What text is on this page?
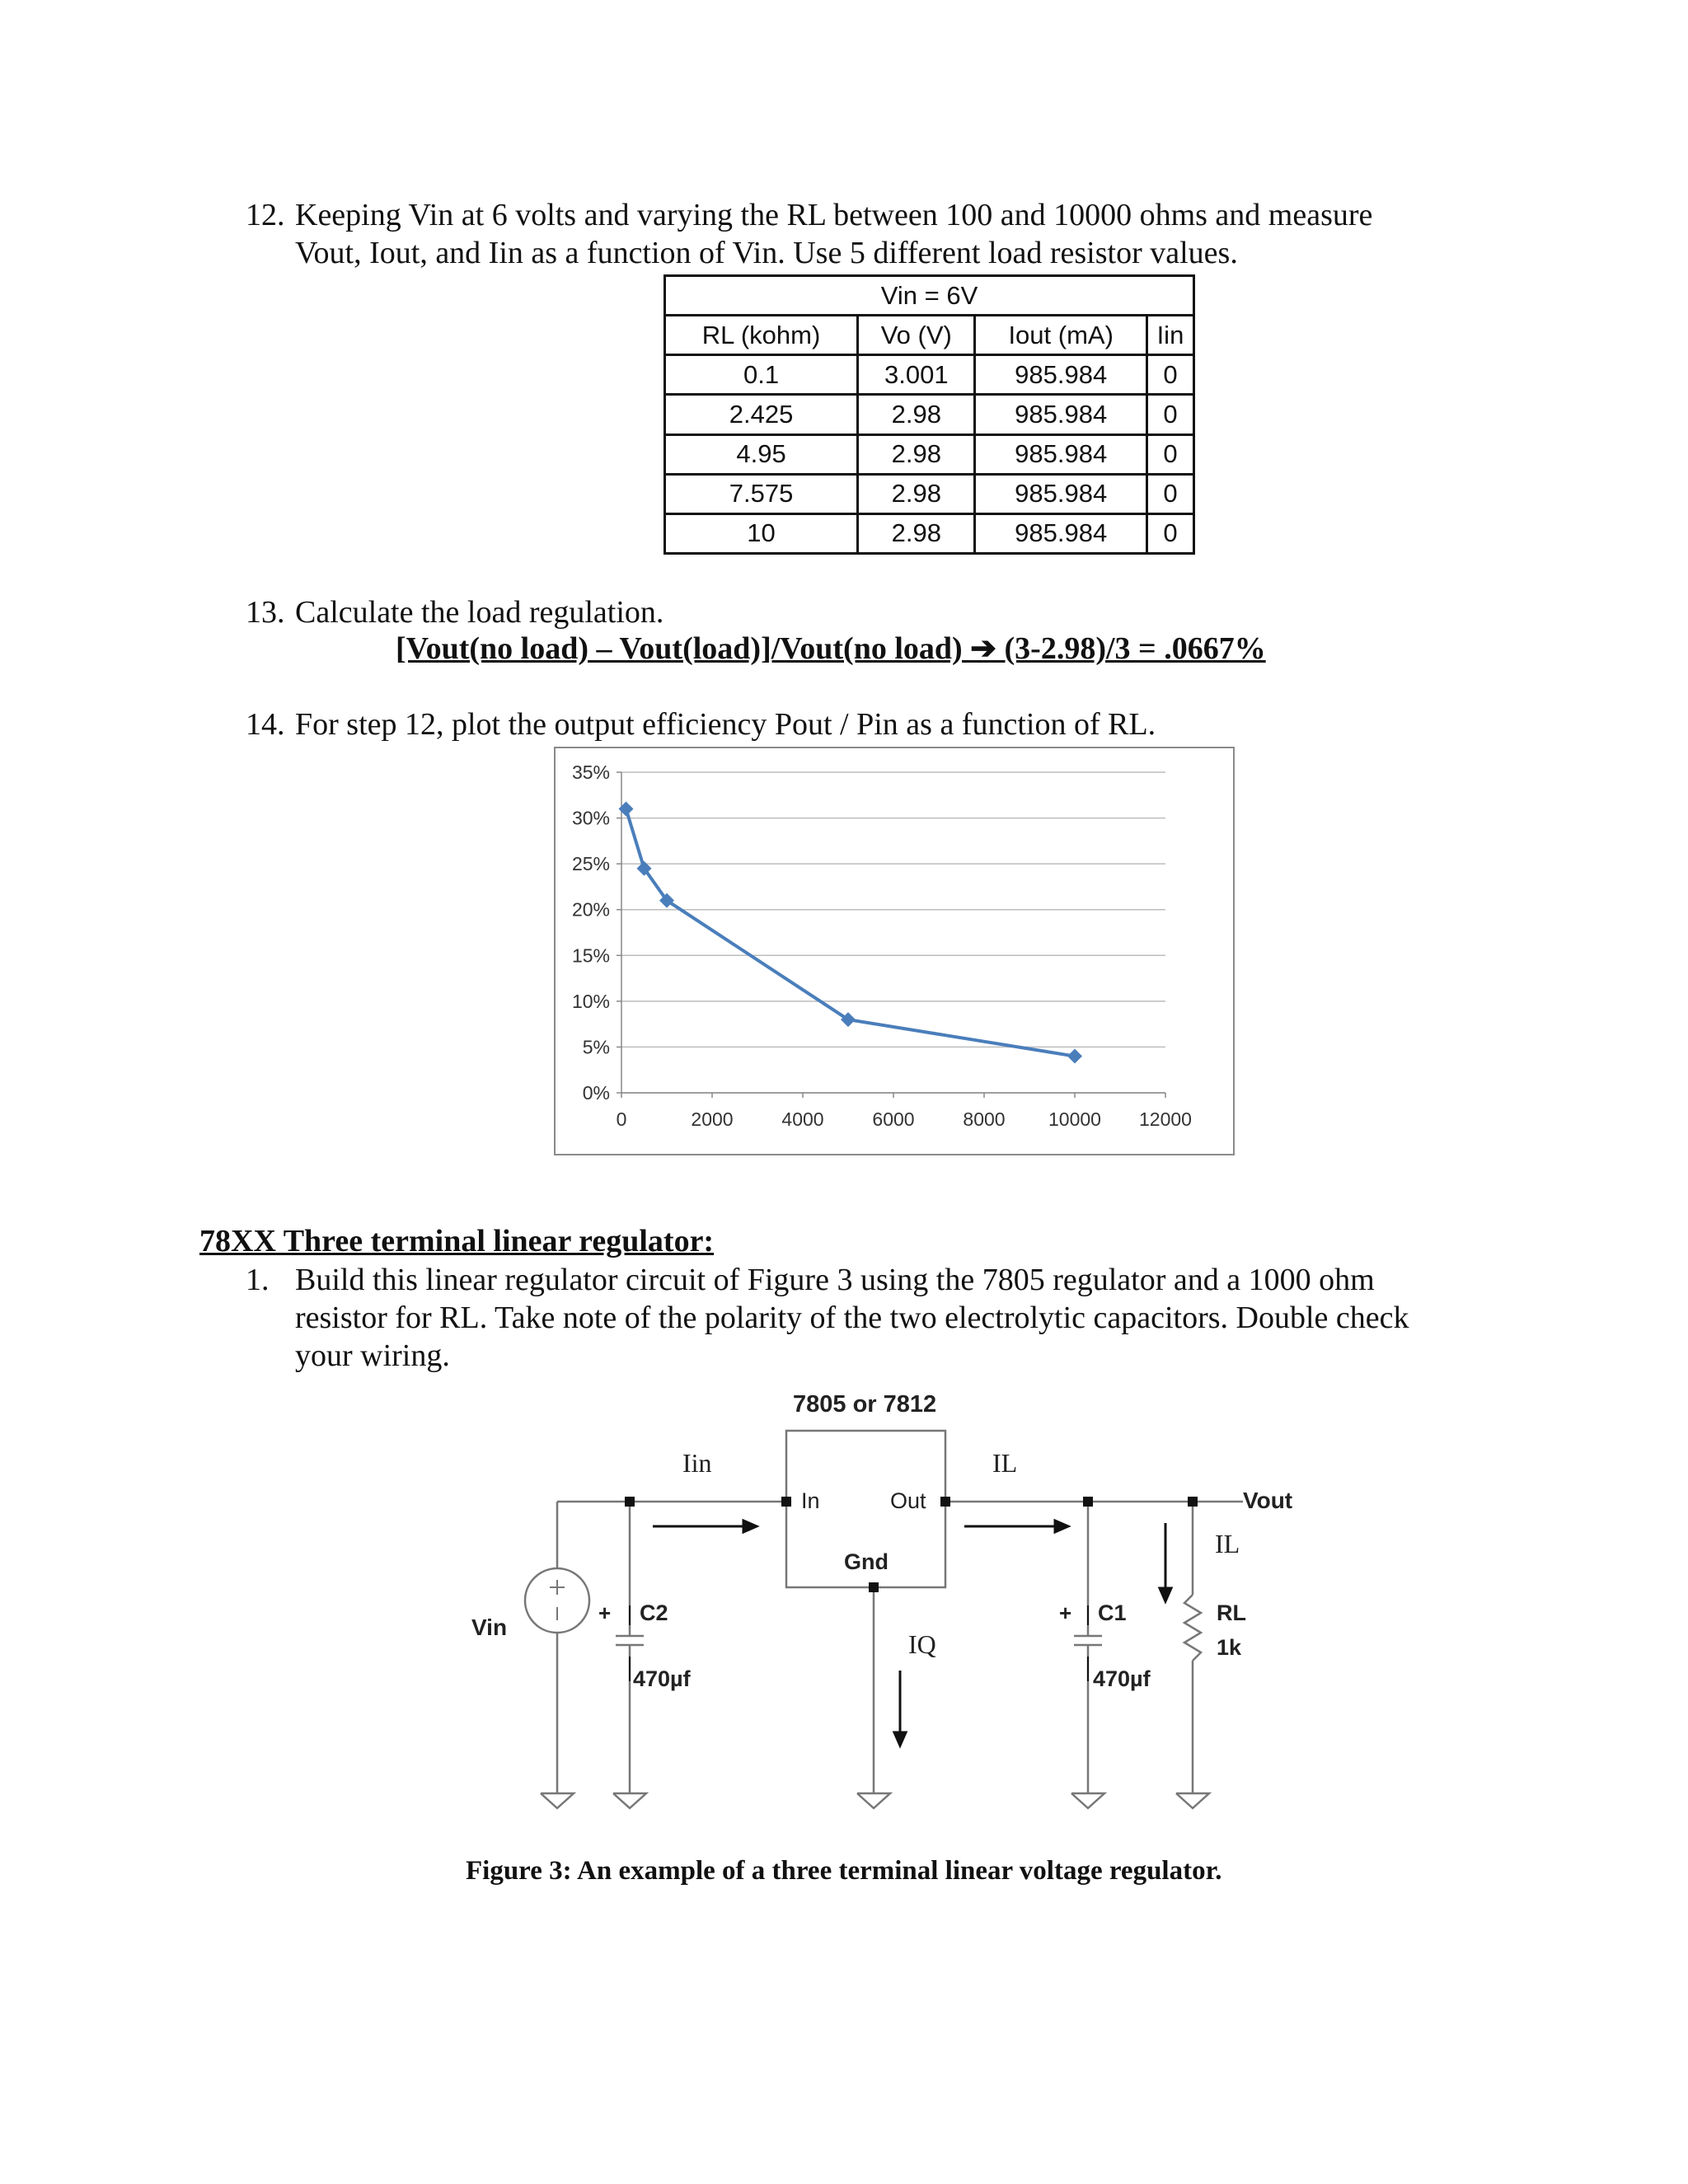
12. Keeping Vin at 6 volts and varying the RL between 100 and 10000 ohms and measure
Vout, Iout, and Iin as a function of Vin. Use 5 different load resistor values.
Vin = 6V			
RL (kohm)	Vo (V)	Iout (mA)	Iin
0.1	3.001	985.984	0
2.425	2.98	985.984	0
4.95	2.98	985.984	0
7.575	2.98	985.984	0
10	2.98	985.984	0
13. Calculate the load regulation.
[Vout(no load) – Vout(load)]/Vout(no load) ➔ (3-2.98)/3 = .0667%
14. For step 12, plot the output efficiency Pout / Pin as a function of RL.
0%
5%
10%
15%
20%
25%
30%
35%
0	2000	4000	6000	8000 10000 12000
78XX Three terminal linear regulator:
1. Build this linear regulator circuit of Figure 3 using the 7805 regulator and a 1000 ohm
resistor for RL. Take note of the polarity of the two electrolytic capacitors. Double check
your wiring.
7805 or 7812
In	Out
Gnd
Iin	IL
IL
IQ
Vin
Vout
+ C2
470µf
+ C1
470µf
RL
1k
Figure 3: An example of a three terminal linear voltage regulator.
